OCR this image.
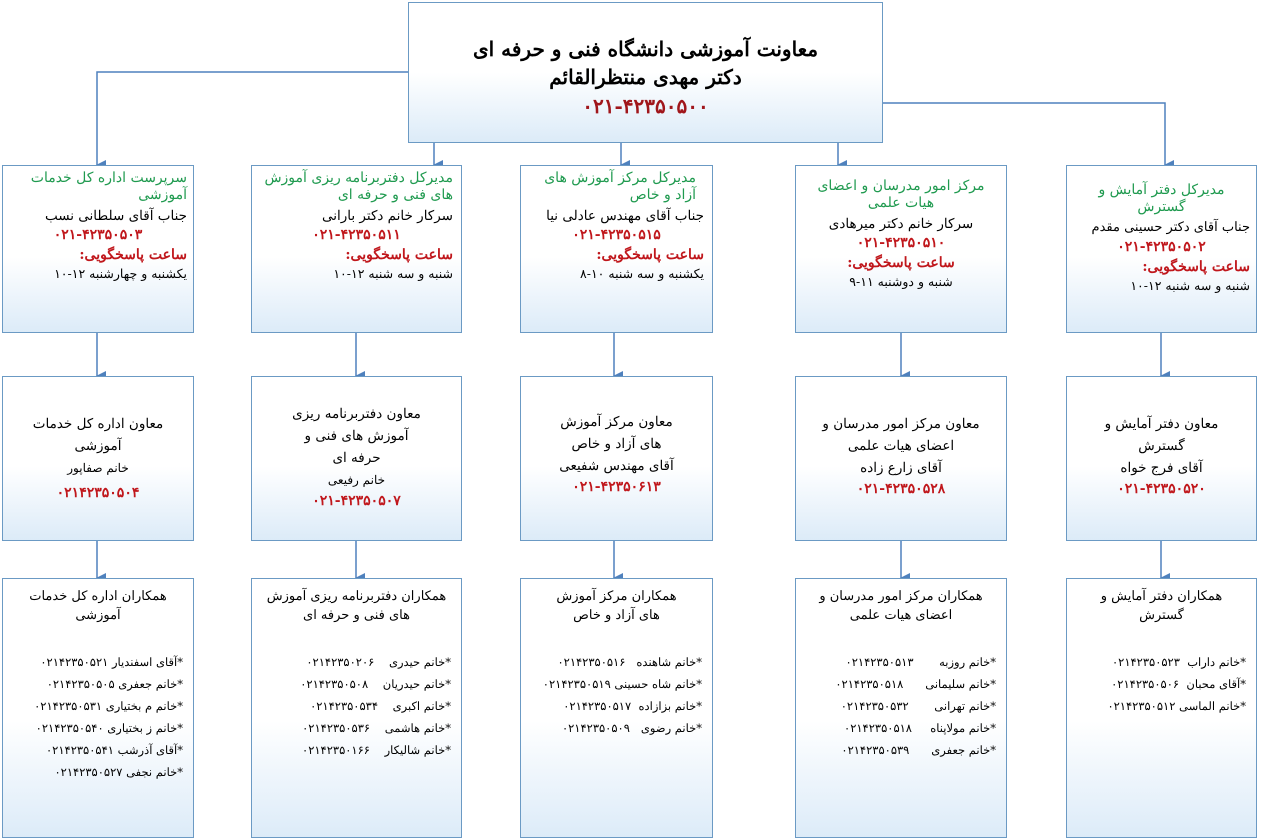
معاونت آموزشی دانشگاه فنی و حرفه ای
دکتر مهدی منتظرالقائم
۰۲۱-۴۲۳۵۰۵۰۰
سرپرست اداره کل خدمات آموزشی
جناب آقای سلطانی نسب
۰۲۱-۴۲۳۵۰۵۰۳
ساعت پاسخگویی:
یکشنبه و چهارشنبه ۱۲-۱۰
معاون اداره کل خدمات
آموزشی
خانم صفاپور
۰۲۱۴۲۳۵۰۵۰۴
همکاران اداره کل خدمات آموزشی
*آقای اسفندیار ۰۲۱۴۲۳۵۰۵۲۱
*خانم جعفری ۰۲۱۴۲۳۵۰۵۰۵
*خانم م بختیاری ۰۲۱۴۲۳۵۰۵۳۱
*خانم ز بختیاری ۰۲۱۴۲۳۵۰۵۴۰
*آقای آذرشب ۰۲۱۴۲۳۵۰۵۴۱
*خانم نجفی ۰۲۱۴۲۳۵۰۵۲۷
مدیرکل دفتربرنامه ریزی آموزش های فنی و حرفه ای
سرکار خانم دکتر بارانی
۰۲۱-۴۲۳۵۰۵۱۱
ساعت پاسخگویی:
شنبه و سه شنبه ۱۲-۱۰
معاون دفتربرنامه ریزی
آموزش های فنی و
حرفه ای
خانم رفیعی
۰۲۱-۴۲۳۵۰۵۰۷
همکاران دفتربرنامه ریزی آموزش های فنی و حرفه ای
*خانم حیدری    ۰۲۱۴۲۳۵۰۲۰۶
*خانم حیدریان    ۰۲۱۴۲۳۵۰۵۰۸
*خانم اکبری    ۰۲۱۴۲۳۵۰۵۳۴
*خانم هاشمی    ۰۲۱۴۲۳۵۰۵۳۶
*خانم شالیکار    ۰۲۱۴۲۳۵۰۱۶۶
مدیرکل مرکز آموزش های آزاد و خاص
جناب آقای مهندس عادلی نیا
۰۲۱-۴۲۳۵۰۵۱۵
ساعت پاسخگویی:
یکشنبه و سه شنبه ۱۰-۸
معاون مرکز آموزش
های آزاد و خاص
آقای مهندس شفیعی
۰۲۱-۴۲۳۵۰۶۱۳
همکاران مرکز آموزش های آزاد و خاص
*خانم شاهنده   ۰۲۱۴۲۳۵۰۵۱۶
*خانم شاه حسینی ۰۲۱۴۲۳۵۰۵۱۹
*خانم بزازاده  ۰۲۱۴۲۳۵۰۵۱۷
*خانم رضوی   ۰۲۱۴۲۳۵۰۵۰۹
مرکز امور مدرسان و اعضای هیات علمی
سرکار خانم دکتر میرهادی
۰۲۱-۴۲۳۵۰۵۱۰
ساعت پاسخگویی:
شنبه و دوشنبه ۱۱-۹
معاون مرکز امور مدرسان و
اعضای هیات علمی
آقای زارع زاده
۰۲۱-۴۲۳۵۰۵۲۸
همکاران مرکز امور مدرسان و اعضای هیات علمی
*خانم روزبه       ۰۲۱۴۲۳۵۰۵۱۳
*خانم سلیمانی      ۰۲۱۴۲۳۵۰۵۱۸
*خانم تهرانی       ۰۲۱۴۲۳۵۰۵۳۲
*خانم مولاپناه     ۰۲۱۴۲۳۵۰۵۱۸
*خانم جعفری      ۰۲۱۴۲۳۵۰۵۳۹
مدیرکل دفتر آمایش و گسترش
جناب آقای دکتر حسینی مقدم
۰۲۱-۴۲۳۵۰۵۰۲
ساعت پاسخگویی:
شنبه و سه شنبه ۱۲-۱۰
معاون دفتر آمایش و
گسترش
آقای فرج خواه
۰۲۱-۴۲۳۵۰۵۲۰
همکاران دفتر آمایش و گسترش
*خانم داراب  ۰۲۱۴۲۳۵۰۵۲۳
*آقای محبان  ۰۲۱۴۲۳۵۰۵۰۶
*خانم الماسی ۰۲۱۴۲۳۵۰۵۱۲
